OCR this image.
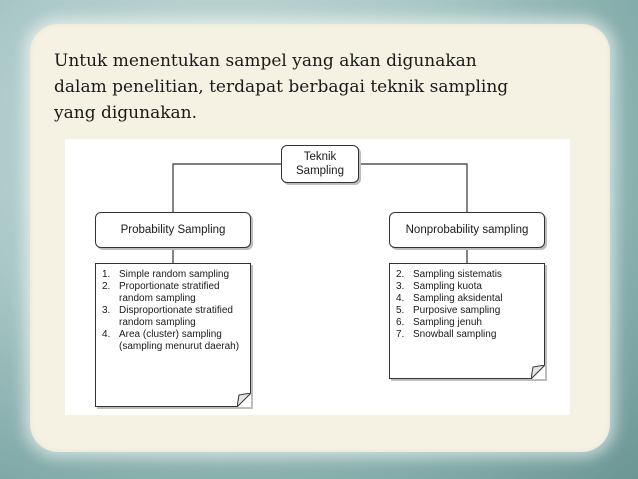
Untuk menentukan sampel yang akan digunakan
dalam penelitian, terdapat berbagai teknik sampling
yang digunakan.
Teknik
Sampling
Probability Sampling	Nonprobability sampling
1. Simple random sampling
2. Proportionate stratified random sampling
3. Disproportionate stratified random sampling
4. Area (cluster) sampling (sampling menurut daerah)
2. Sampling sistematis
3. Sampling kuota
4. Sampling aksidental
5. Purposive sampling
6. Sampling jenuh
7. Snowball sampling
